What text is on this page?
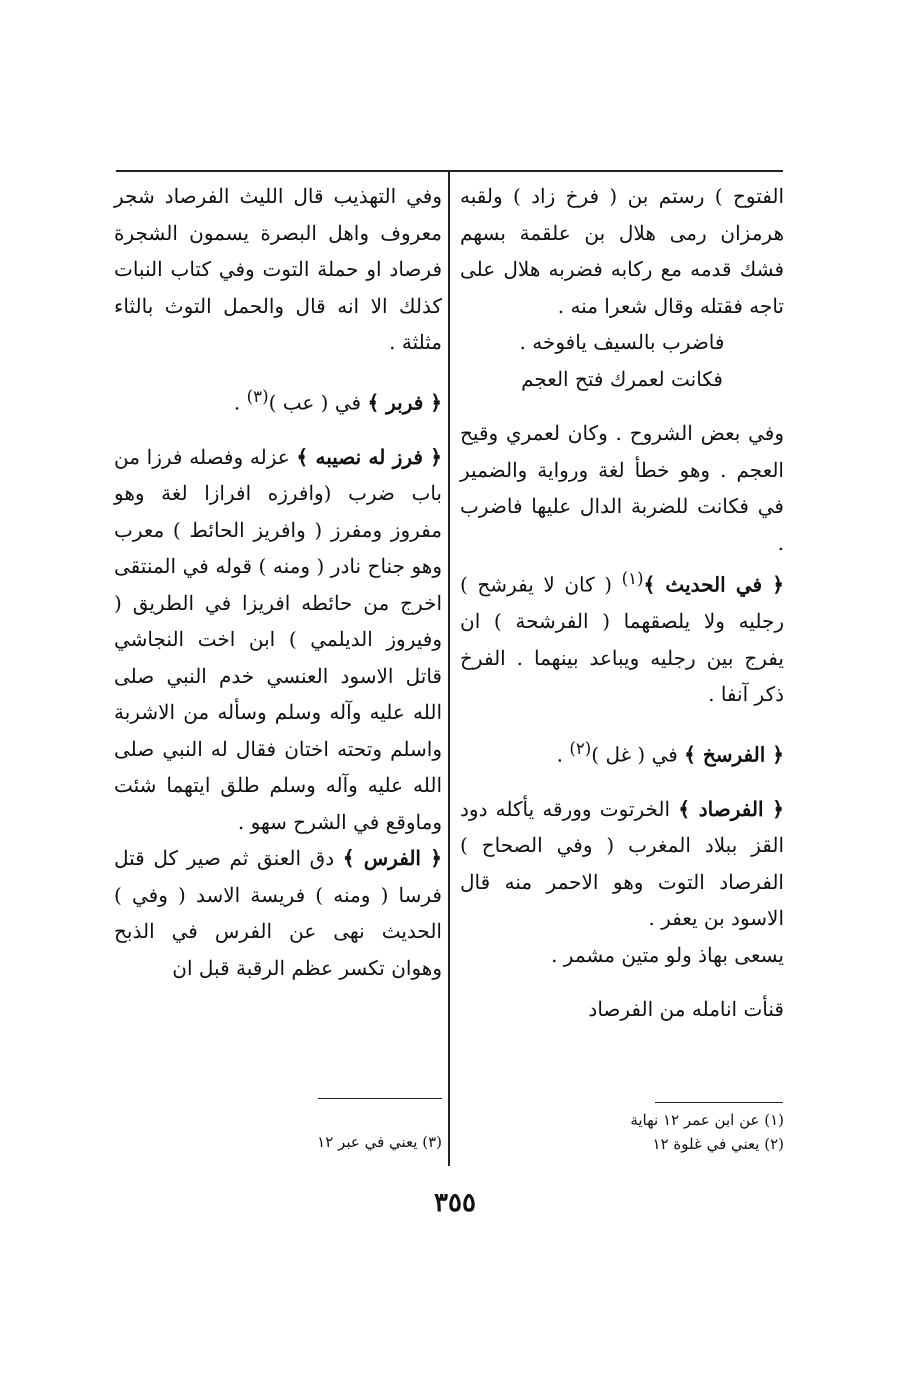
الفتوح ) رستم بن ( فرخ زاد ) ولقبه هرمزان رمى هلال بن علقمة بسهم فشك قدمه مع ركابه فضربه هلال على تاجه فقتله وقال شعرا منه .

فاضرب بالسيف يافوخه .

فكانت لعمرك فتح العجم

وفي بعض الشروح . وكان لعمري وقيح العجم . وهو خطأ لغة ورواية والضمير في فكانت للضربة الدال عليها فاضرب .

﴿ في الحديث ﴾$^{(١)}$ ( كان لا يفرشح ) رجليه ولا يلصقهما ( الفرشحة ) ان يفرج بين رجليه ويباعد بينهما . الفرخ ذكر آنفا .

﴿ الفرسخ ﴾ في ( غل )$^{(٢)}$ .

﴿ الفرصاد ﴾ الخرتوت وورقه يأكله دود القز ببلاد المغرب ( وفي الصحاح ) الفرصاد التوت وهو الاحمر منه قال الاسود بن يعفر .

يسعى بهاذ ولو متين مشمر .

قنأت انامله من الفرصاد

وفي التهذيب قال الليث الفرصاد شجر معروف واهل البصرة يسمون الشجرة فرصاد او حملة التوت وفي كتاب النبات كذلك الا انه قال والحمل التوث بالثاء مثلثة .

﴿ فربر ﴾ في ( عب )$^{(٣)}$ .

﴿ فرز له نصيبه ﴾ عزله وفصله فرزا من باب ضرب (وافرزه افرازا لغة وهو مفروز ومفرز ( وافريز الحائط ) معرب وهو جناح نادر ( ومنه ) قوله في المنتقى اخرج من حائطه افريزا في الطريق ( وفيروز الديلمي ) ابن اخت النجاشي قاتل الاسود العنسي خدم النبي صلى الله عليه وآله وسلم وسأله من الاشربة واسلم وتحته اختان فقال له النبي صلى الله عليه وآله وسلم طلق ايتهما شئت وماوقع في الشرح سهو .

﴿ الفرس ﴾ دق العنق ثم صير كل قتل فرسا ( ومنه ) فريسة الاسد ( وفي ) الحديث نهى عن الفرس في الذبح وهوان تكسر عظم الرقبة قبل ان

(١) عن ابن عمر ١٢ نهاية

(٢) يعني في غلوة ١٢

(٣) يعني في عبر ١٢

٣٥٥
